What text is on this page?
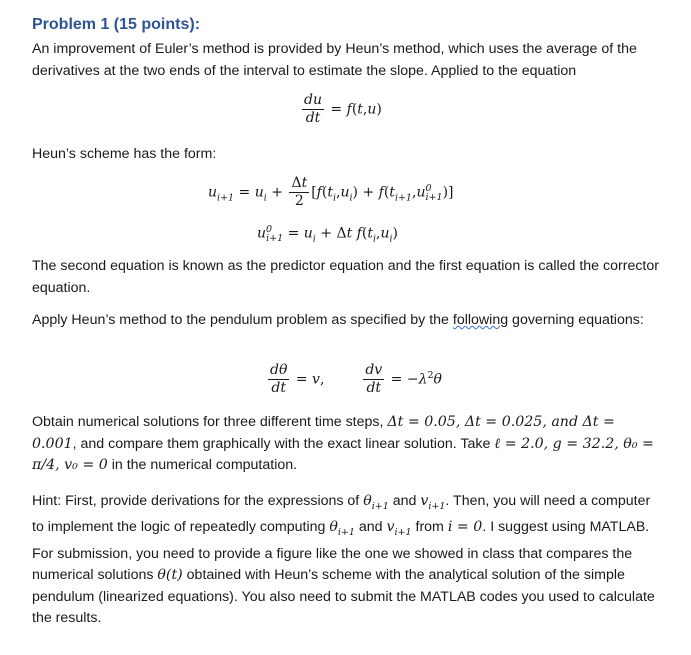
Problem 1 (15 points):
An improvement of Euler’s method is provided by Heun’s method, which uses the average of the derivatives at the two ends of the interval to estimate the slope. Applied to the equation
$\frac{du}{dt} = f(t,u)$
Heun’s scheme has the form:
$u_{i+1} = u_i + \frac{\Delta t}{2} [f(t_i,u_i) + f(t_{i+1},u^0_{i+1})]$
$u^0_{i+1} = u_i + \Delta t$ $f(t_i,u_i)$
The second equation is known as the predictor equation and the first equation is called the corrector equation.
Apply Heun’s method to the pendulum problem as specified by the following governing equations:
$\frac{d\theta}{dt} = v$,	$\frac{dv}{dt} = -\lambda^2\theta$
Obtain numerical solutions for three different time steps, Δt = 0.05, Δt = 0.025, and Δt = 0.001, and compare them graphically with the exact linear solution. Take ℓ = 2.0, g = 32.2, θ₀ = π/4, v₀ = 0 in the numerical computation.
Hint: First, provide derivations for the expressions of $\theta_{i+1}$ and $v_{i+1}$. Then, you will need a computer to implement the logic of repeatedly computing $\theta_{i+1}$ and $v_{i+1}$ from i = 0. I suggest using MATLAB. For submission, you need to provide a figure like the one we showed in class that compares the numerical solutions θ(t) obtained with Heun’s scheme with the analytical solution of the simple pendulum (linearized equations). You also need to submit the MATLAB codes you used to calculate the results.
